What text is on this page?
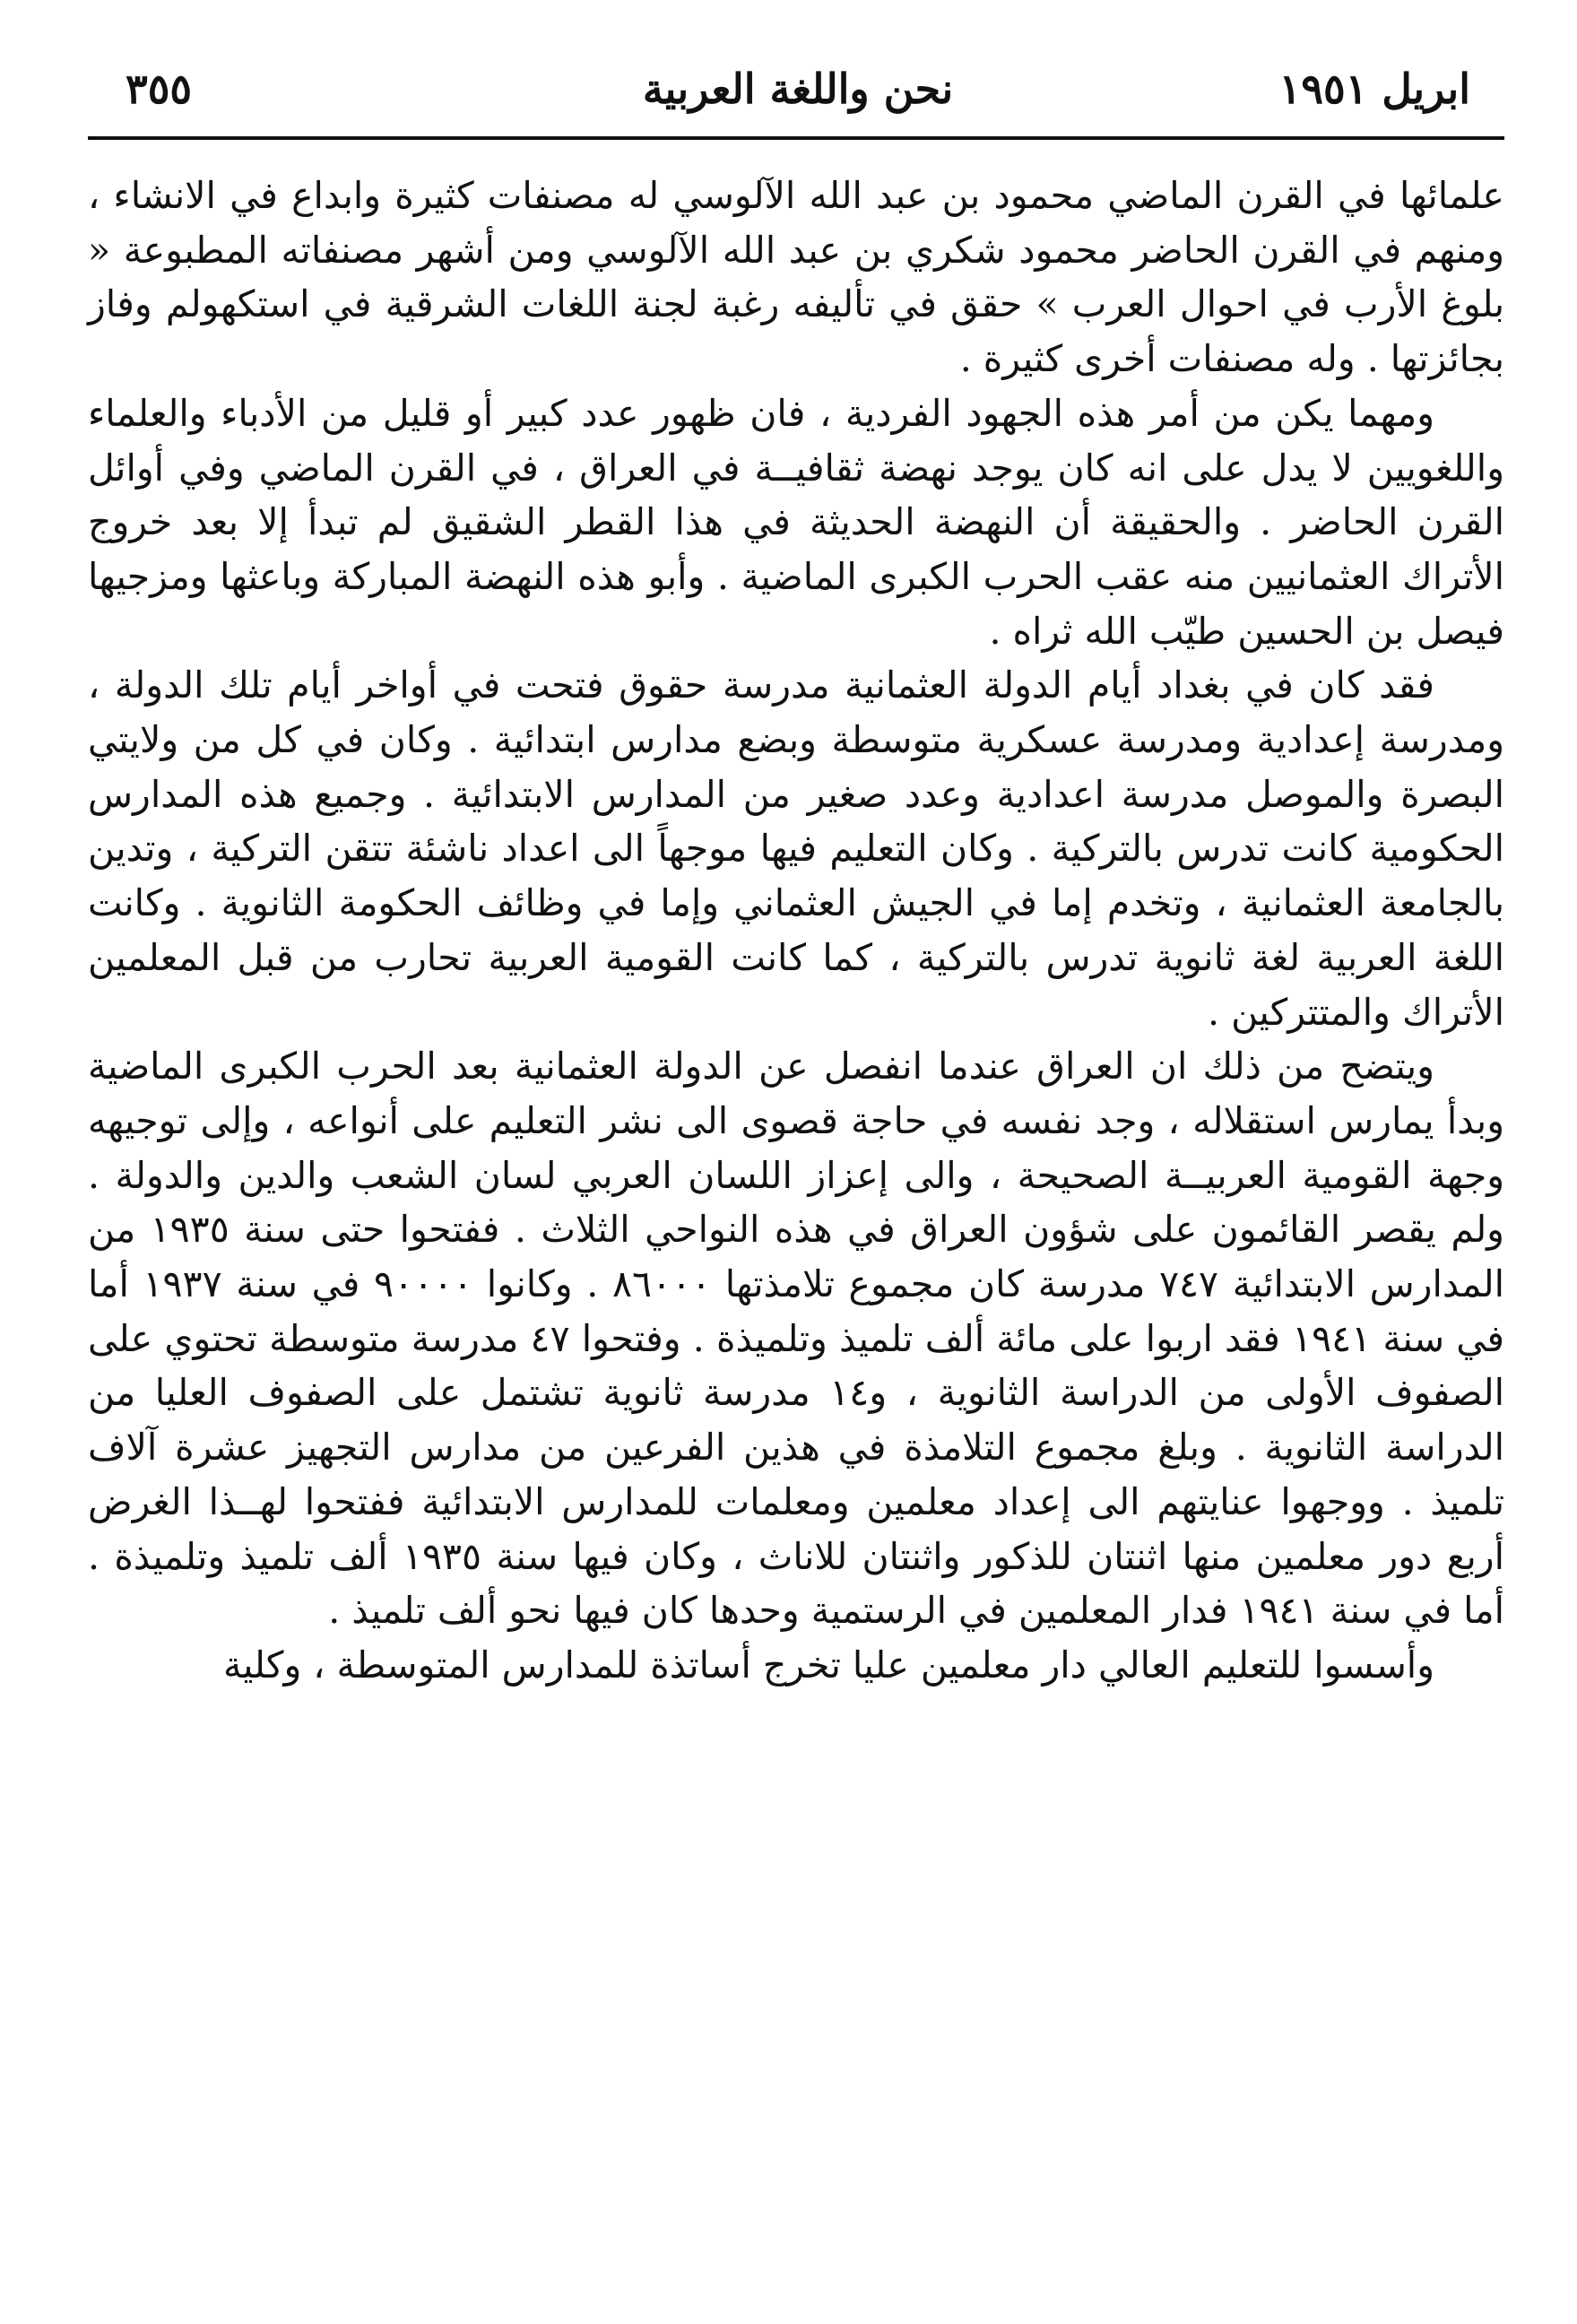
ابريل ١٩٥١
نحن واللغة العربية
٣٥٥

علمائها في القرن الماضي محمود بن عبد الله الآلوسي له مصنفات كثيرة وابداع في الانشاء ، ومنهم في القرن الحاضر محمود شكري بن عبد الله الآلوسي ومن أشهر مصنفاته المطبوعة « بلوغ الأرب في احوال العرب » حقق في تأليفه رغبة لجنة اللغات الشرقية في استكهولم وفاز بجائزتها . وله مصنفات أخرى كثيرة .

ومهما يكن من أمر هذه الجهود الفردية ، فان ظهور عدد كبير أو قليل من الأدباء والعلماء واللغويين لا يدل على انه كان يوجد نهضة ثقافيــة في العراق ، في القرن الماضي وفي أوائل القرن الحاضر . والحقيقة أن النهضة الحديثة في هذا القطر الشقيق لم تبدأ إلا بعد خروج الأتراك العثمانيين منه عقب الحرب الكبرى الماضية . وأبو هذه النهضة المباركة وباعثها ومزجيها فيصل بن الحسين طيّب الله ثراه .

فقد كان في بغداد أيام الدولة العثمانية مدرسة حقوق فتحت في أواخر أيام تلك الدولة ، ومدرسة إعدادية ومدرسة عسكرية متوسطة وبضع مدارس ابتدائية . وكان في كل من ولايتي البصرة والموصل مدرسة اعدادية وعدد صغير من المدارس الابتدائية . وجميع هذه المدارس الحكومية كانت تدرس بالتركية . وكان التعليم فيها موجهاً الى اعداد ناشئة تتقن التركية ، وتدين بالجامعة العثمانية ، وتخدم إما في الجيش العثماني وإما في وظائف الحكومة الثانوية . وكانت اللغة العربية لغة ثانوية تدرس بالتركية ، كما كانت القومية العربية تحارب من قبل المعلمين الأتراك والمتتركين .

ويتضح من ذلك ان العراق عندما انفصل عن الدولة العثمانية بعد الحرب الكبرى الماضية وبدأ يمارس استقلاله ، وجد نفسه في حاجة قصوى الى نشر التعليم على أنواعه ، وإلى توجيهه وجهة القومية العربيــة الصحيحة ، والى إعزاز اللسان العربي لسان الشعب والدين والدولة . ولم يقصر القائمون على شؤون العراق في هذه النواحي الثلاث . ففتحوا حتى سنة ١٩٣٥ من المدارس الابتدائية ٧٤٧ مدرسة كان مجموع تلامذتها ٨٦٠٠٠ . وكانوا ٩٠٠٠٠ في سنة ١٩٣٧ أما في سنة ١٩٤١ فقد اربوا على مائة ألف تلميذ وتلميذة . وفتحوا ٤٧ مدرسة متوسطة تحتوي على الصفوف الأولى من الدراسة الثانوية ، و١٤ مدرسة ثانوية تشتمل على الصفوف العليا من الدراسة الثانوية . وبلغ مجموع التلامذة في هذين الفرعين من مدارس التجهيز عشرة آلاف تلميذ . ووجهوا عنايتهم الى إعداد معلمين ومعلمات للمدارس الابتدائية ففتحوا لهــذا الغرض أربع دور معلمين منها اثنتان للذكور واثنتان للاناث ، وكان فيها سنة ١٩٣٥ ألف تلميذ وتلميذة . أما في سنة ١٩٤١ فدار المعلمين في الرستمية وحدها كان فيها نحو ألف تلميذ .

وأسسوا للتعليم العالي دار معلمين عليا تخرج أساتذة للمدارس المتوسطة ، وكلية
